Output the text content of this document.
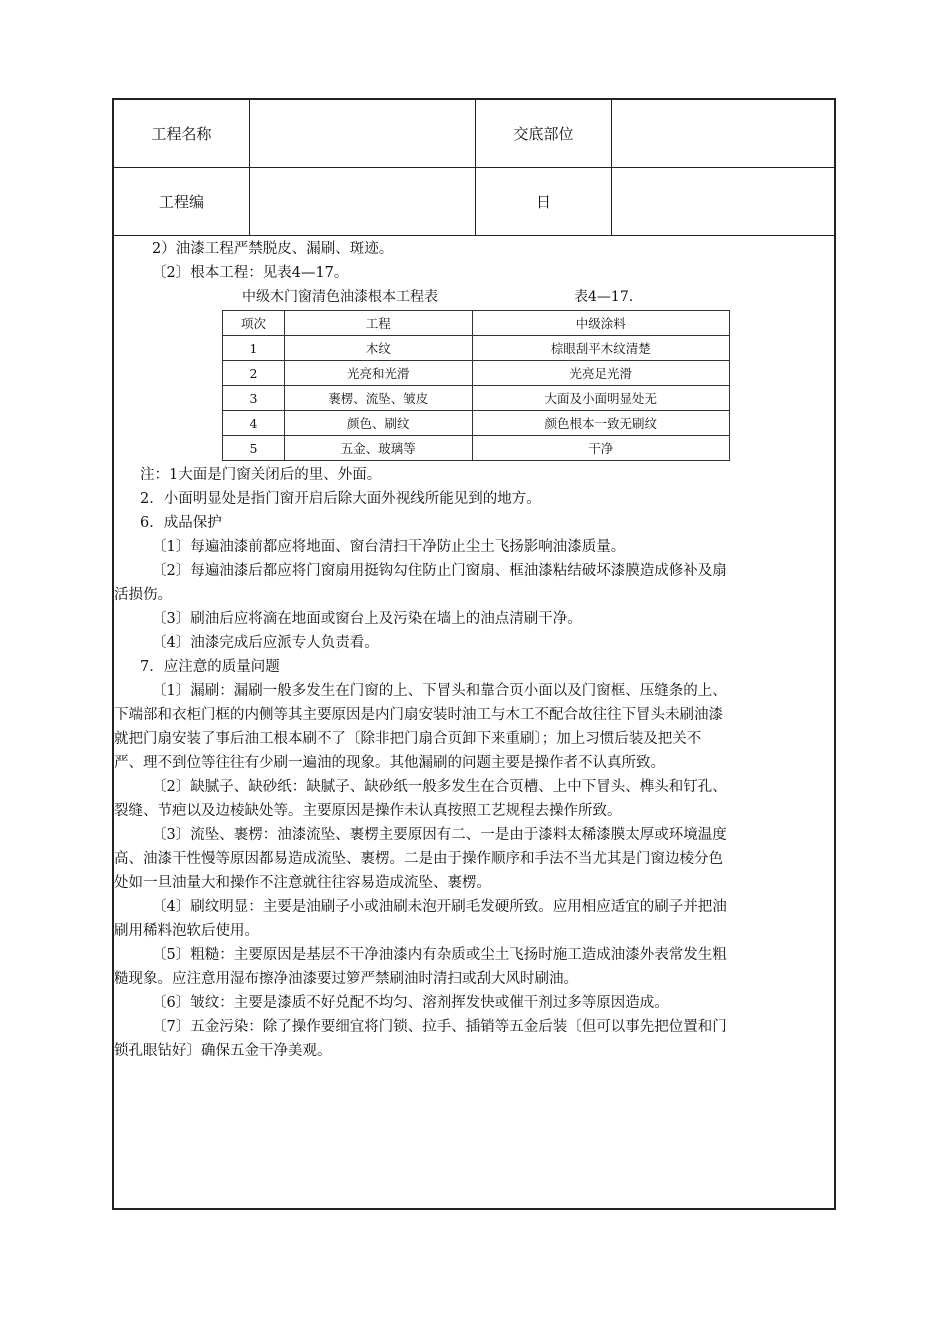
工程名称	交底部位
工程编	日
2）油漆工程严禁脱皮、漏刷、斑迹。
〔2〕根本工程：见表4—17。
中级木门窗清色油漆根本工程表	表4—17.
项次	工程	中级涂料
1	木纹	棕眼刮平木纹清楚
2	光亮和光滑	光亮足光滑
3	裹楞、流坠、皱皮	大面及小面明显处无
4	颜色、刷纹	颜色根本一致无刷纹
5	五金、玻璃等	干净
注：1大面是门窗关闭后的里、外面。
2．小面明显处是指门窗开启后除大面外视线所能见到的地方。
6．成品保护
〔1〕每遍油漆前都应将地面、窗台清扫干净防止尘土飞扬影响油漆质量。
〔2〕每遍油漆后都应将门窗扇用挺钩勾住防止门窗扇、框油漆粘结破坏漆膜造成修补及扇
活损伤。
〔3〕刷油后应将滴在地面或窗台上及污染在墙上的油点清刷干净。
〔4〕油漆完成后应派专人负责看。
7．应注意的质量问题
〔1〕漏刷：漏刷一般多发生在门窗的上、下冒头和靠合页小面以及门窗框、压缝条的上、
下端部和衣柜门框的内侧等其主要原因是内门扇安装时油工与木工不配合故往往下冒头未刷油漆
就把门扇安装了事后油工根本刷不了〔除非把门扇合页卸下来重刷〕；加上习惯后装及把关不
严、理不到位等往往有少刷一遍油的现象。其他漏刷的问题主要是操作者不认真所致。
〔2〕缺腻子、缺砂纸：缺腻子、缺砂纸一般多发生在合页槽、上中下冒头、榫头和钉孔、
裂缝、节疤以及边棱缺处等。主要原因是操作未认真按照工艺规程去操作所致。
〔3〕流坠、裹楞：油漆流坠、裹楞主要原因有二、一是由于漆料太稀漆膜太厚或环境温度
高、油漆干性慢等原因都易造成流坠、裹楞。二是由于操作顺序和手法不当尤其是门窗边棱分色
处如一旦油量大和操作不注意就往往容易造成流坠、裹楞。
〔4〕刷纹明显：主要是油刷子小或油刷未泡开刷毛发硬所致。应用相应适宜的刷子并把油
刷用稀料泡软后使用。
〔5〕粗糙：主要原因是基层不干净油漆内有杂质或尘土飞扬时施工造成油漆外表常发生粗
糙现象。应注意用湿布擦净油漆要过箩严禁刷油时清扫或刮大风时刷油。
〔6〕皱纹：主要是漆质不好兑配不均匀、溶剂挥发快或催干剂过多等原因造成。
〔7〕五金污染：除了操作要细宜将门锁、拉手、插销等五金后装〔但可以事先把位置和门
锁孔眼钻好〕确保五金干净美观。
